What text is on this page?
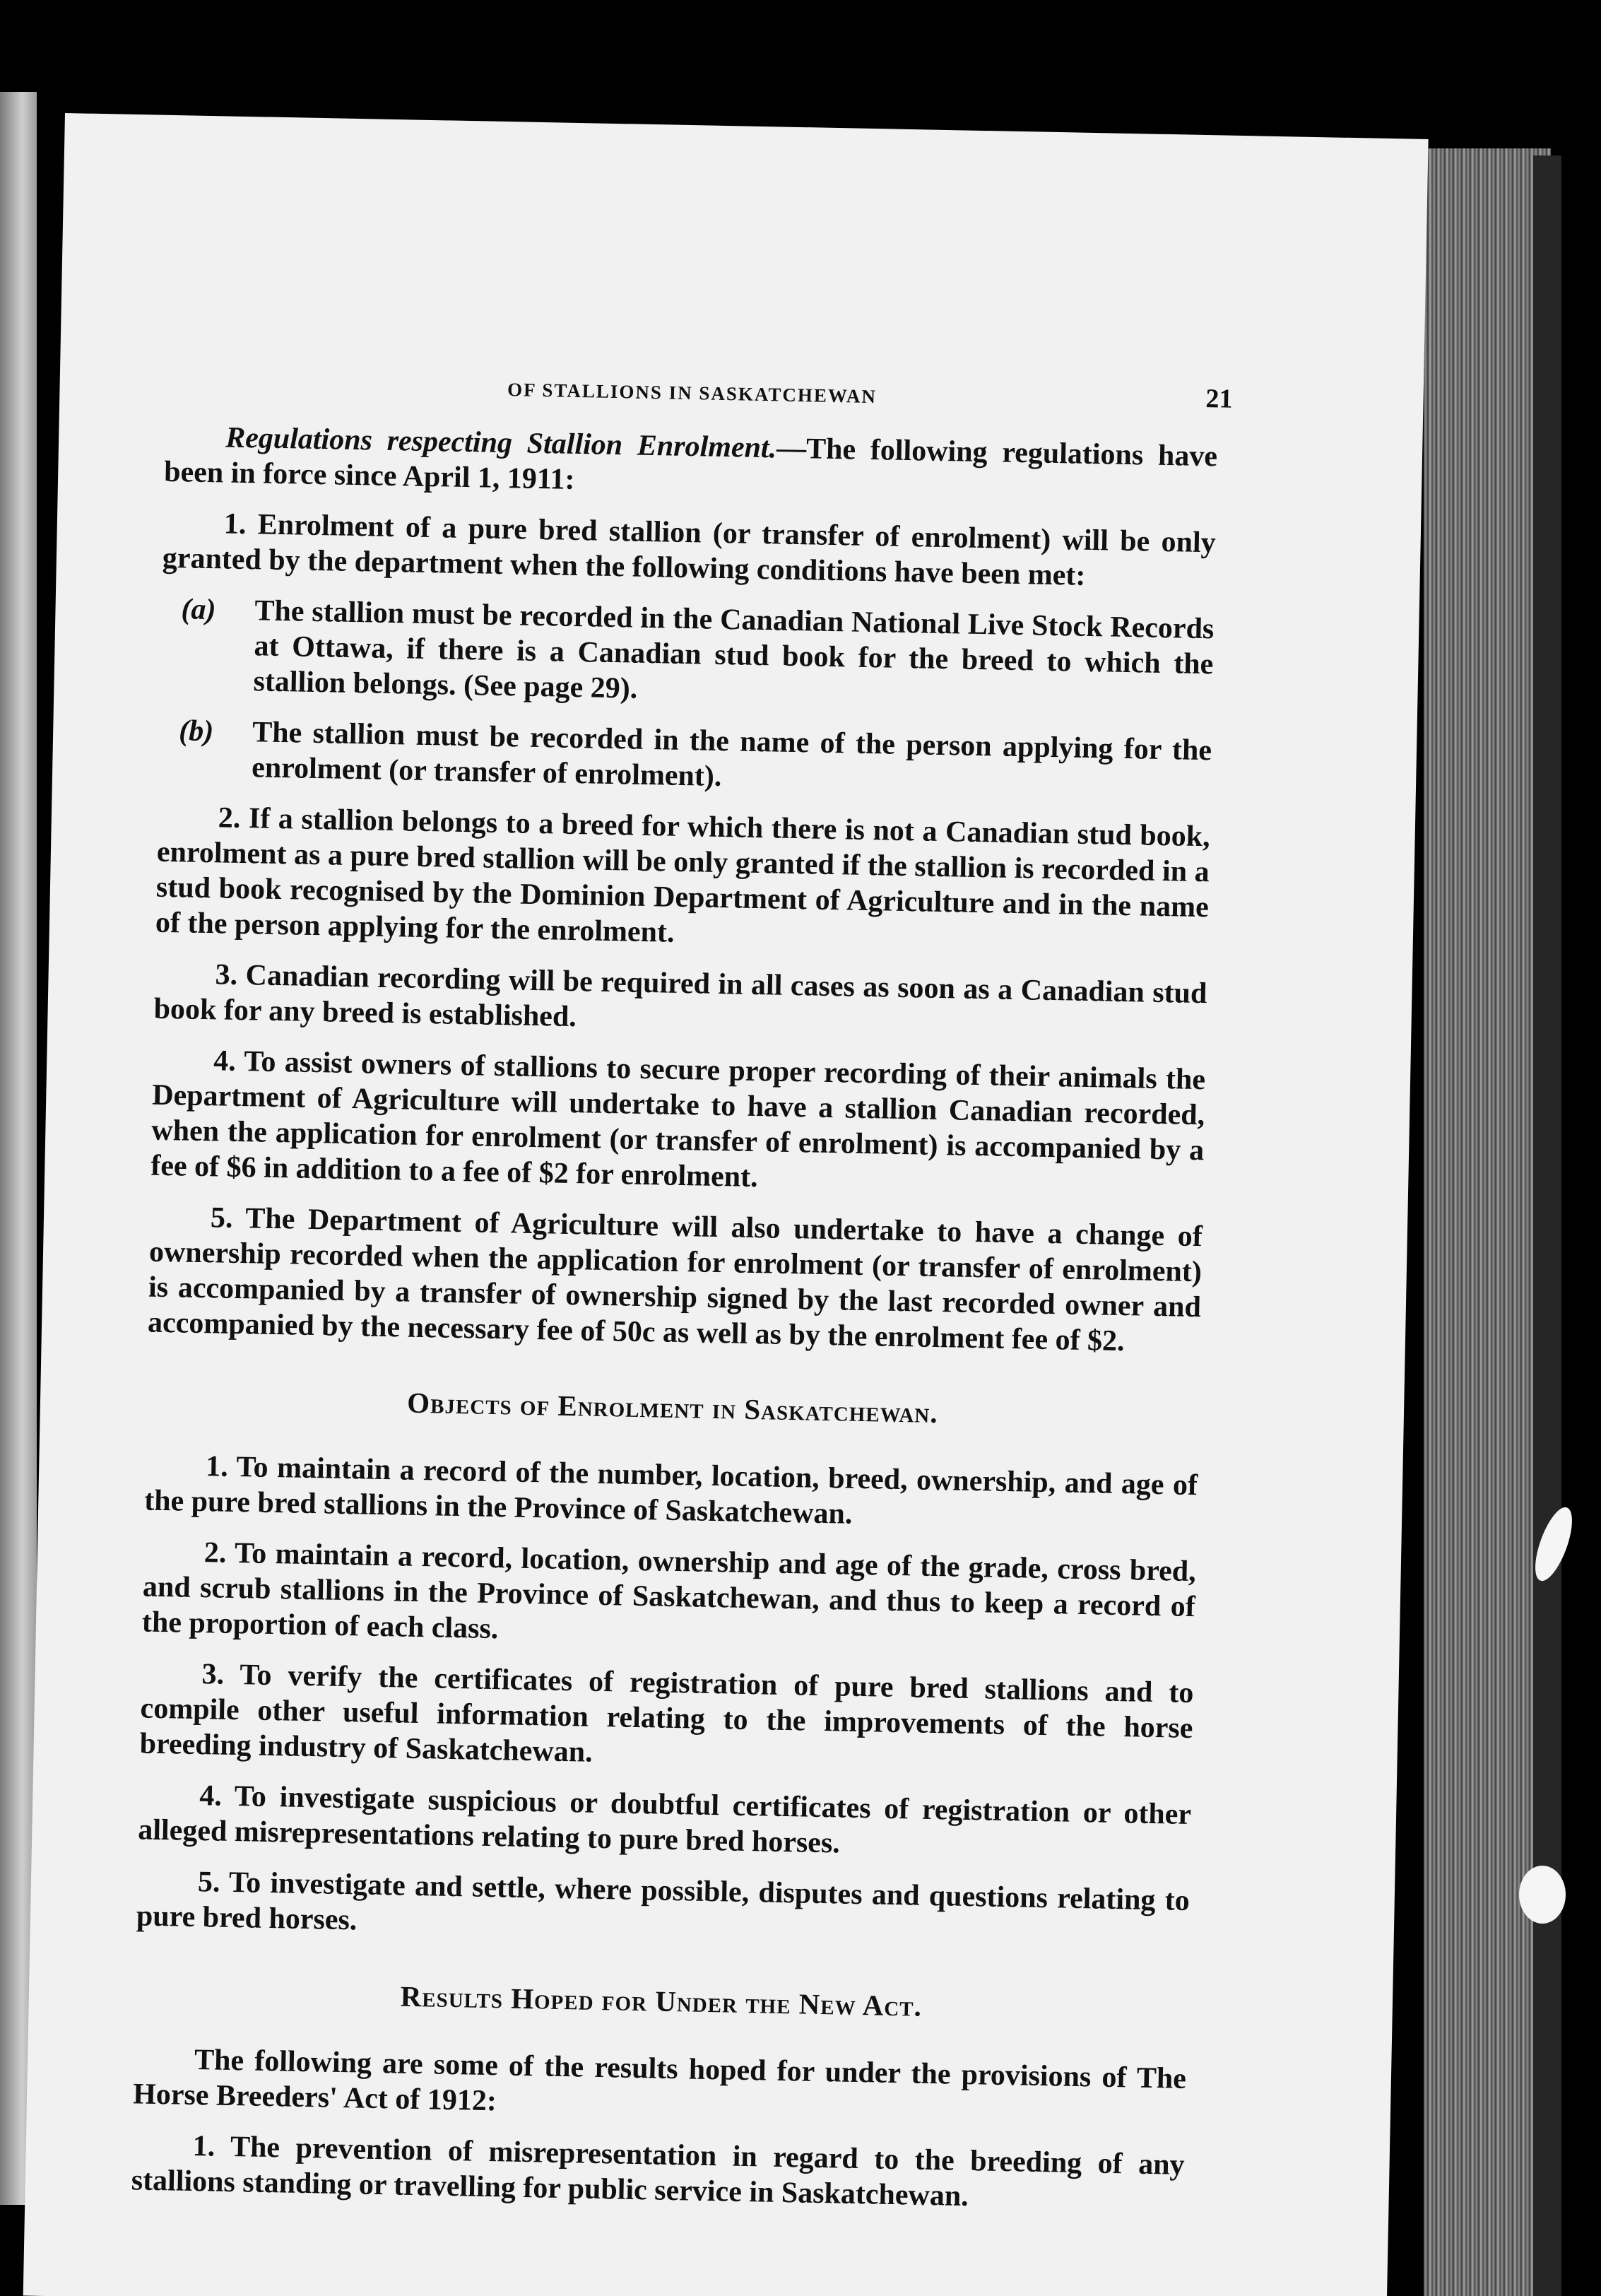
OF STALLIONS IN SASKATCHEWAN	21

Regulations respecting Stallion Enrolment.—The following regulations have been in force since April 1, 1911:

1. Enrolment of a pure bred stallion (or transfer of enrolment) will be only granted by the department when the following conditions have been met:

(a) The stallion must be recorded in the Canadian National Live Stock Records at Ottawa, if there is a Canadian stud book for the breed to which the stallion belongs. (See page 29).

(b) The stallion must be recorded in the name of the person applying for the enrolment (or transfer of enrolment).

2. If a stallion belongs to a breed for which there is not a Canadian stud book, enrolment as a pure bred stallion will be only granted if the stallion is recorded in a stud book recognised by the Dominion Department of Agriculture and in the name of the person applying for the enrolment.

3. Canadian recording will be required in all cases as soon as a Canadian stud book for any breed is established.

4. To assist owners of stallions to secure proper recording of their animals the Department of Agriculture will undertake to have a stallion Canadian recorded, when the application for enrolment (or transfer of enrolment) is accompanied by a fee of $6 in addition to a fee of $2 for enrolment.

5. The Department of Agriculture will also undertake to have a change of ownership recorded when the application for enrolment (or transfer of enrolment) is accompanied by a transfer of ownership signed by the last recorded owner and accompanied by the necessary fee of 50c as well as by the enrolment fee of $2.

Objects of Enrolment in Saskatchewan.

1. To maintain a record of the number, location, breed, ownership, and age of the pure bred stallions in the Province of Saskatchewan.

2. To maintain a record, location, ownership and age of the grade, cross bred, and scrub stallions in the Province of Saskatchewan, and thus to keep a record of the proportion of each class.

3. To verify the certificates of registration of pure bred stallions and to compile other useful information relating to the improvements of the horse breeding industry of Saskatchewan.

4. To investigate suspicious or doubtful certificates of registration or other alleged misrepresentations relating to pure bred horses.

5. To investigate and settle, where possible, disputes and questions relating to pure bred horses.

Results Hoped for Under the New Act.

The following are some of the results hoped for under the provisions of The Horse Breeders' Act of 1912:

1. The prevention of misrepresentation in regard to the breeding of any stallions standing or travelling for public service in Saskatchewan.
